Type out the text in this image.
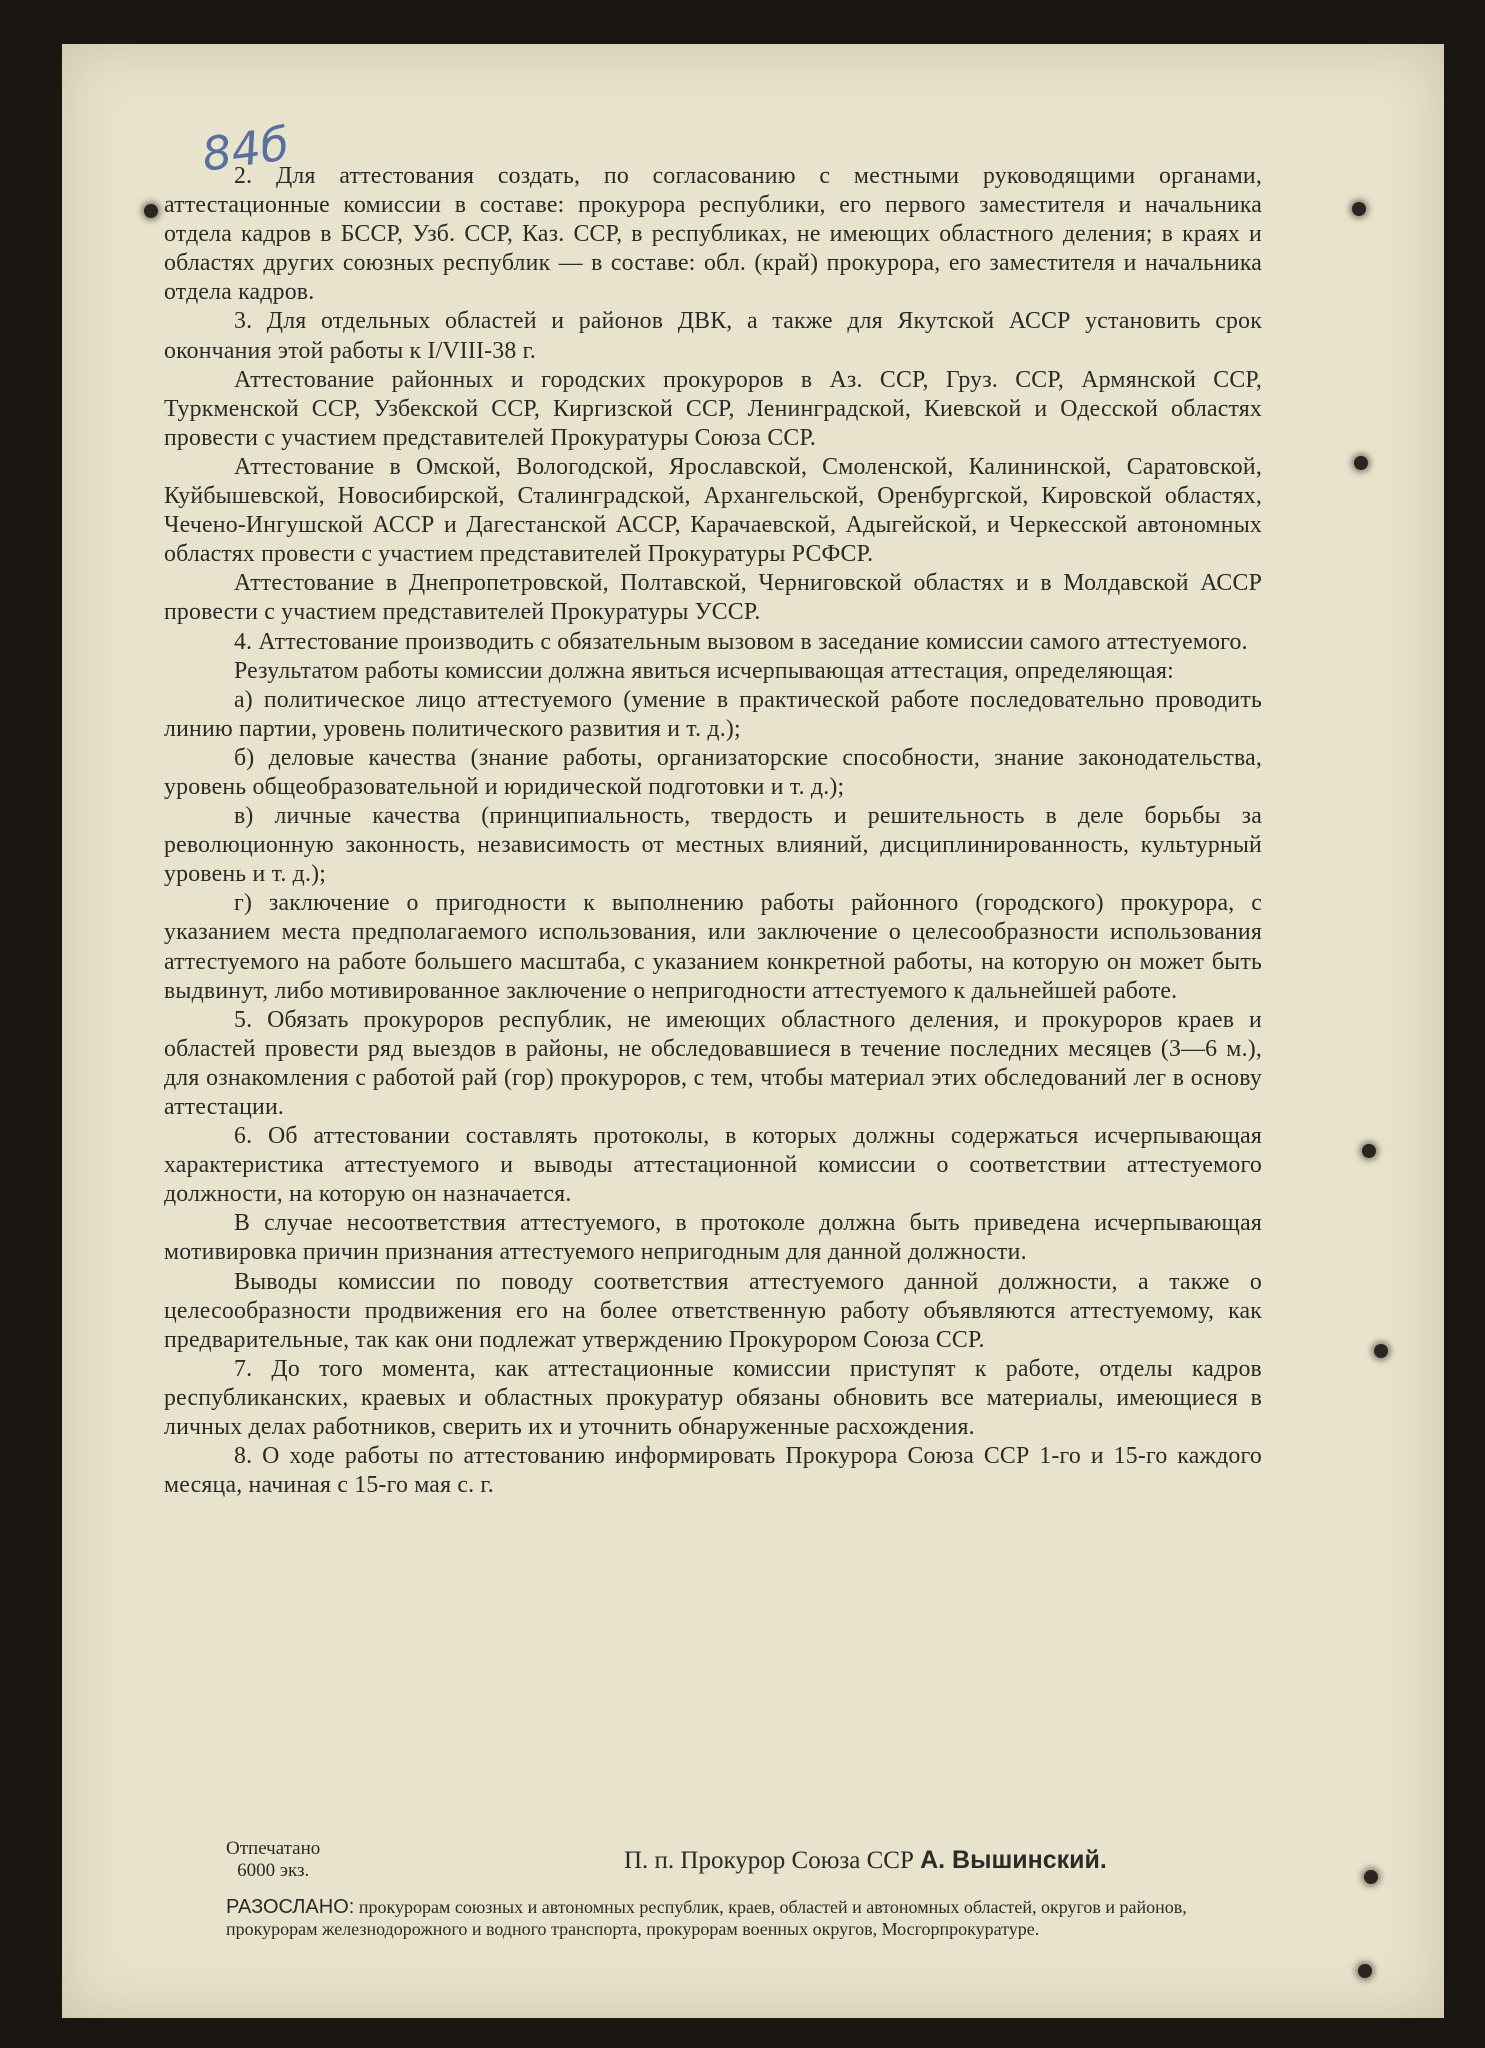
84б

2. Для аттестования создать, по согласованию с местными руководящими органами, аттестационные комиссии в составе: прокурора республики, его первого заместителя и начальника отдела кадров в БССР, Узб. ССР, Каз. ССР, в республиках, не имеющих областного деления; в краях и областях других союзных республик — в составе: обл. (край) прокурора, его заместителя и начальника отдела кадров.

3. Для отдельных областей и районов ДВК, а также для Якутской АССР установить срок окончания этой работы к I/VIII-38 г.

Аттестование районных и городских прокуроров в Аз. ССР, Груз. ССР, Армянской ССР, Туркменской ССР, Узбекской ССР, Киргизской ССР, Ленинградской, Киевской и Одесской областях провести с участием представителей Прокуратуры Союза ССР.

Аттестование в Омской, Вологодской, Ярославской, Смоленской, Калининской, Саратовской, Куйбышевской, Новосибирской, Сталинградской, Архангельской, Оренбургской, Кировской областях, Чечено-Ингушской АССР и Дагестанской АССР, Карачаевской, Адыгейской, и Черкесской автономных областях провести с участием представителей Прокуратуры РСФСР.

Аттестование в Днепропетровской, Полтавской, Черниговской областях и в Молдавской АССР провести с участием представителей Прокуратуры УССР.

4. Аттестование производить с обязательным вызовом в заседание комиссии самого аттестуемого.

Результатом работы комиссии должна явиться исчерпывающая аттестация, определяющая:

а) политическое лицо аттестуемого (умение в практической работе последовательно проводить линию партии, уровень политического развития и т. д.);

б) деловые качества (знание работы, организаторские способности, знание законодательства, уровень общеобразовательной и юридической подготовки и т. д.);

в) личные качества (принципиальность, твердость и решительность в деле борьбы за революционную законность, независимость от местных влияний, дисциплинированность, культурный уровень и т. д.);

г) заключение о пригодности к выполнению работы районного (городского) прокурора, с указанием места предполагаемого использования, или заключение о целесообразности использования аттестуемого на работе большего масштаба, с указанием конкретной работы, на которую он может быть выдвинут, либо мотивированное заключение о непригодности аттестуемого к дальнейшей работе.

5. Обязать прокуроров республик, не имеющих областного деления, и прокуроров краев и областей провести ряд выездов в районы, не обследовавшиеся в течение последних месяцев (3—6 м.), для ознакомления с работой рай (гор) прокуроров, с тем, чтобы материал этих обследований лег в основу аттестации.

6. Об аттестовании составлять протоколы, в которых должны содержаться исчерпывающая характеристика аттестуемого и выводы аттестационной комиссии о соответствии аттестуемого должности, на которую он назначается.

В случае несоответствия аттестуемого, в протоколе должна быть приведена исчерпывающая мотивировка причин признания аттестуемого непригодным для данной должности.

Выводы комиссии по поводу соответствия аттестуемого данной должности, а также о целесообразности продвижения его на более ответственную работу объявляются аттестуемому, как предварительные, так как они подлежат утверждению Прокурором Союза ССР.

7. До того момента, как аттестационные комиссии приступят к работе, отделы кадров республиканских, краевых и областных прокуратур обязаны обновить все материалы, имеющиеся в личных делах работников, сверить их и уточнить обнаруженные расхождения.

8. О ходе работы по аттестованию информировать Прокурора Союза ССР 1-го и 15-го каждого месяца, начиная с 15-го мая с. г.

Отпечатано
6000 экз.	П. п. Прокурор Союза ССР А. Вышинский.
РАЗОСЛАНО: прокурорам союзных и автономных республик, краев, областей и автономных областей, округов и районов, прокурорам железнодорожного и водного транспорта, прокурорам военных округов, Мосгорпрокуратуре.
